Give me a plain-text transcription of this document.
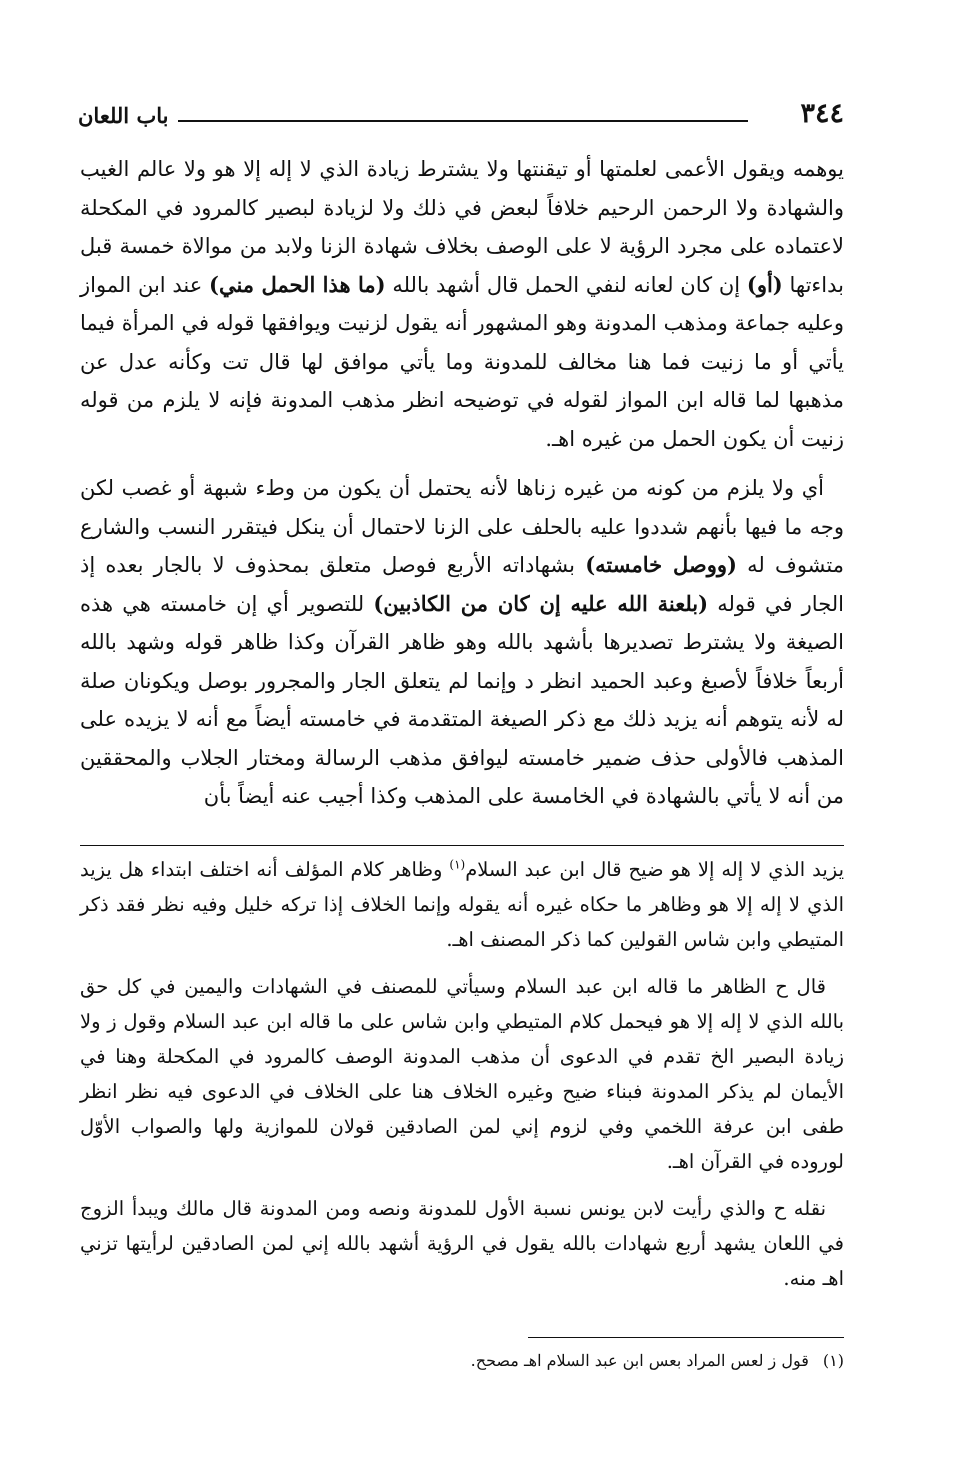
٣٤٤
باب اللعان

يوهمه ويقول الأعمى لعلمتها أو تيقنتها ولا يشترط زيادة الذي لا إله إلا هو ولا عالم الغيب والشهادة ولا الرحمن الرحيم خلافاً لبعض في ذلك ولا لزيادة لبصير كالمرود في المكحلة لاعتماده على مجرد الرؤية لا على الوصف بخلاف شهادة الزنا ولابد من موالاة خمسة قبل بداءتها (أو) إن كان لعانه لنفي الحمل قال أشهد بالله (ما هذا الحمل مني) عند ابن المواز وعليه جماعة ومذهب المدونة وهو المشهور أنه يقول لزنيت ويوافقها قوله في المرأة فيما يأتي أو ما زنيت فما هنا مخالف للمدونة وما يأتي موافق لها قال تت وكأنه عدل عن مذهبها لما قاله ابن المواز لقوله في توضيحه انظر مذهب المدونة فإنه لا يلزم من قوله زنيت أن يكون الحمل من غيره اهـ.

أي ولا يلزم من كونه من غيره زناها لأنه يحتمل أن يكون من وطء شبهة أو غصب لكن وجه ما فيها بأنهم شددوا عليه بالحلف على الزنا لاحتمال أن ينكل فيتقرر النسب والشارع متشوف له (ووصل خامسته) بشهاداته الأربع فوصل متعلق بمحذوف لا بالجار بعده إذ الجار في قوله (بلعنة الله عليه إن كان من الكاذبين) للتصوير أي إن خامسته هي هذه الصيغة ولا يشترط تصديرها بأشهد بالله وهو ظاهر القرآن وكذا ظاهر قوله وشهد بالله أربعاً خلافاً لأصبغ وعبد الحميد انظر د وإنما لم يتعلق الجار والمجرور بوصل ويكونان صلة له لأنه يتوهم أنه يزيد ذلك مع ذكر الصيغة المتقدمة في خامسته أيضاً مع أنه لا يزيده على المذهب فالأولى حذف ضمير خامسته ليوافق مذهب الرسالة ومختار الجلاب والمحققين من أنه لا يأتي بالشهادة في الخامسة على المذهب وكذا أجيب عنه أيضاً بأن

يزيد الذي لا إله إلا هو ضيح قال ابن عبد السلام$^{(١)}$ وظاهر كلام المؤلف أنه اختلف ابتداء هل يزيد الذي لا إله إلا هو وظاهر ما حكاه غيره أنه يقوله وإنما الخلاف إذا تركه خليل وفيه نظر فقد ذكر المتيطي وابن شاس القولين كما ذكر المصنف اهـ.

قال ح الظاهر ما قاله ابن عبد السلام وسيأتي للمصنف في الشهادات واليمين في كل حق بالله الذي لا إله إلا هو فيحمل كلام المتيطي وابن شاس على ما قاله ابن عبد السلام وقول ز ولا زيادة البصير الخ تقدم في الدعوى أن مذهب المدونة الوصف كالمرود في المكحلة وهنا في الأيمان لم يذكر المدونة فبناء ضيح وغيره الخلاف هنا على الخلاف في الدعوى فيه نظر انظر طفى ابن عرفة اللخمي وفي لزوم إني لمن الصادقين قولان للموازية ولها والصواب الأوّل لوروده في القرآن اهـ.

نقله ح والذي رأيت لابن يونس نسبة الأول للمدونة ونصه ومن المدونة قال مالك ويبدأ الزوج في اللعان يشهد أربع شهادات بالله يقول في الرؤية أشهد بالله إني لمن الصادقين لرأيتها تزني اهـ منه.

(١)قول ز لعس المراد بعس ابن عبد السلام اهـ مصحح.
